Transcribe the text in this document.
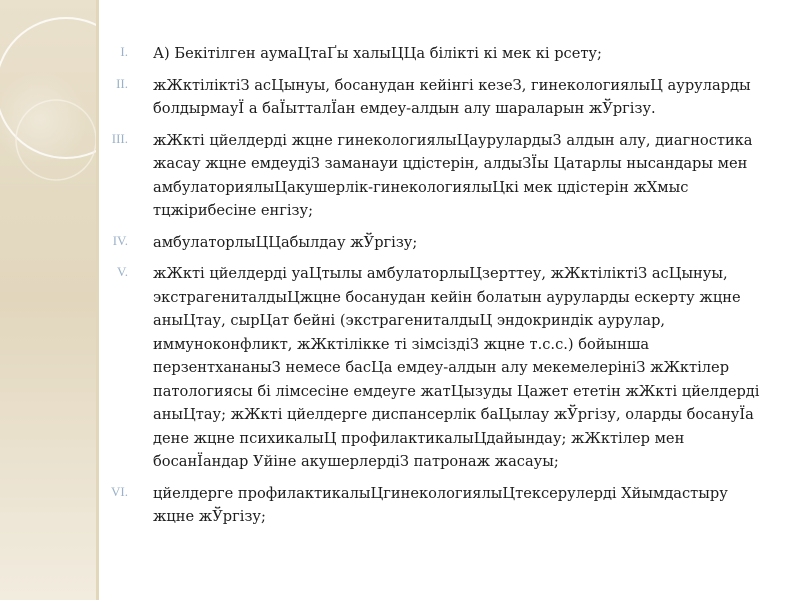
I. А) Бекітілген аумаЦтаҐы халыЦЦа білікті кі мек кі рсету;
II. жЖктіліктіЗ асЦынуы, босанудан кейінгі кезеЗ, гинекологиялыЦ ауруларды болдырмауЇ а баЇытталЇан емдеу-алдын алу шараларын жЎргізу.
III. жЖкті цйелдерді жцне гинекологиялыЦауруларды3 алдын алу, диагностика жасау жцне емдеудіЗ заманауи цдістерін, алдыЗЇы Цатарлы нысандары мен амбулаториялыЦакушерлік-гинекологиялыЦкі мек цдістерін жХмыс тцжірибесіне енгізу;
IV. амбулаторлыЦЦабылдау жЎргізу;
V. жЖкті цйелдерді уаЦтылы амбулаторлыЦзерттеу, жЖктіліктіЗ асЦынуы, экстрагениталдыЦжцне босанудан кейін болатын ауруларды ескерту жцне аныЦтау, сырЦат бейні (экстрагениталдыЦ эндокриндік аурулар, иммуноконфликт, жЖктілікке ті зімсіздіЗ жцне т.с.с.) бойынша перзентхананыЗ немесе басЦа емдеу-алдын алу мекемелерініЗ жЖктілер патологиясы бі лімсесіне емдеуге жатЦызуды Цажет ететін жЖкті цйелдерді аныЦтау; жЖкті цйелдерге диспансерлік баЦылау жЎргізу, оларды босануЇа дене жцне психикалыЦ профилактикалыЦдайындау; жЖктілер мен босанЇандар Уйіне акушерлердіЗ патронаж жасауы;
VI. цйелдерге профилактикалыЦгинекологиялыЦтексерулерді Хйымдастыру жцне жЎргізу;
